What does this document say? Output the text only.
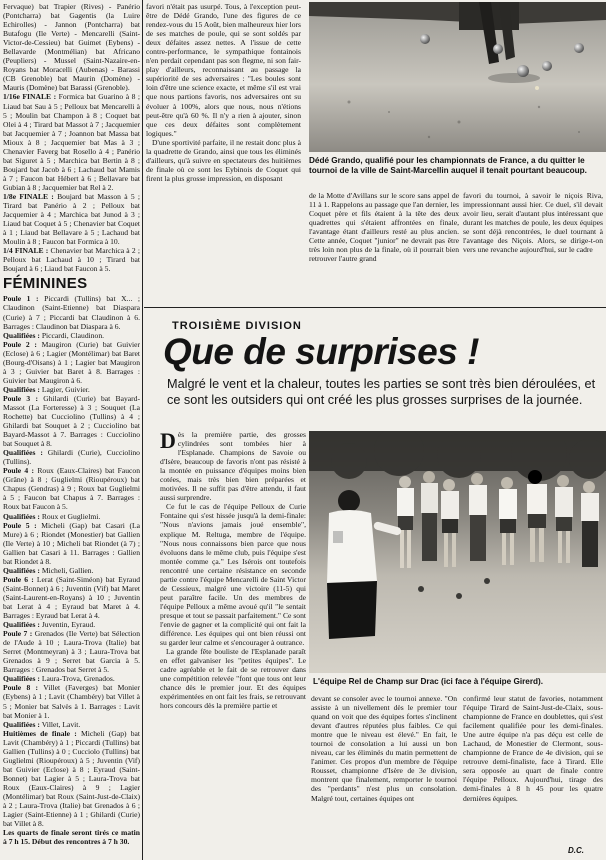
Fervaque) bat Trapier (Rives) - Panério (Pontcharra) bat Gagentis (la Luire Echirolles) - Jannon (Pontcharra) bat Butafogu (Ile Verte) - Mencarelli (Saint-Victor-de-Cessieu) bat Guimet (Eybens) - Bellavarde (Montmélian) bat Africano (Peupliers) - Mussel (Saint-Nazaire-en-Royans bat Moracelli (Aubenas) - Barassi (CB Grenoble) bat Maurin (Domène) - Mauris (Domène) bat Barassi (Grenoble).

1/16e FINALE : Formica bat Guarino à 8 ; Liaud bat Sau à 5 ; Pelloux bat Mencarelli à 5 ; Moulin bat Champon à 8 ; Coquet bat Olei à 4 ; Tirard bat Massot à 7 ; Jacquemier bat Jacquemier à 7 ; Joannon bat Massa bat Mioux à 8 ; Jacquemier bat Mas à 3 ; Chenavier Faverg bat Rosello à 4 ; Panério bat Siguret à 5 ; Marchica bat Bertin à 8 ; Boujard bat Jacob à 6 ; Lachaud bat Mamis à 7 ; Faucon bat Hébert à 6 ; Bellavare bat Gubian à 8 ; Jacquemier bat Rel à 2.

1/8e FINALE : Boujard bat Masson à 5 ; Tirard bat Panério à 2 ; Pelloux bat Jacquemier à 4 ; Marchica bat Junod à 3 ; Liaud bat Coquet à 5 ; Chenavier bat Coquet à 1 ; Liaud bat Bellavare à 5 ; Lachaud bat Moulin à 8 ; Faucon bat Formica à 10.

1/4 FINALE : Chenavier bat Marchica à 2 ; Pelloux bat Lachaud à 10 ; Tirard bat Boujard à 6 ; Liaud bat Faucon à 5.

FÉMININES

Poule 1 : Piccardi (Tullins) bat X... ; Claudinon (Saint-Etienne) bat Diaspara (Curie) à 7 ; Piccardi bat Claudinon à 6. Barrages : Claudinon bat Diaspara à 6.

Qualifiées : Piccardi, Claudinon.

Poule 2 : Maugiron (Curie) bat Guivier (Eclose) à 6 ; Lagier (Montélimar) bat Baret (Bourg-d'Oisans) à 1 ; Lagier bat Maugiron à 3 ; Guivier bat Baret à 8. Barrages : Guivier bat Maugiron à 6.

Qualifiées : Lagier, Guivier.

Poule 3 : Ghilardi (Curie) bat Bayard-Massot (La Forteresse) à 3 ; Souquet (La Rochette) bat Cucciolino (Tullins) à 4 ; Ghilardi bat Souquet à 2 ; Cucciolino bat Bayard-Massot à 7. Barrages : Cucciolino bat Souquet à 8.

Qualifiées : Ghilardi (Curie), Cucciolino (Tullins).

Poule 4 : Roux (Eaux-Claires) bat Faucon (Grâne) à 8 ; Guglielmi (Rioupéroux) bat Chapus (Gendras) à 9 ; Roux bat Guglielmi à 5 ; Faucon bat Chapus à 7. Barrages : Roux bat Faucon à 5.

Qualifiées : Roux et Guglielmi.

Poule 5 : Micheli (Gap) bat Casari (La Mure) à 6 ; Riondet (Monestier) bat Gallien (Ile Verte) à 10 ; Micheli bat Riondet (à 7) ; Gallien bat Casari à 11. Barrages : Gallien bat Riondet à 8.

Qualifiées : Micheli, Gallien.

Poule 6 : Lerat (Saint-Siméon) bat Eyraud (Saint-Bonnet) à 6 ; Juventin (Vif) bat Maret (Saint-Laurent-en-Royans) à 10 ; Juventin bat Lerat à 4 ; Eyraud bat Maret à 4. Barrages : Eyraud bat Lerat à 4.

Qualifiées : Juventin, Eyraud.

Poule 7 : Grenados (Ile Verte) bat Sélection de l'Aude à 10 ; Laura-Trova (Italie) bat Serret (Montmeyran) à 3 ; Laura-Trova bat Grenados à 9 ; Serret bat Garcia à 5. Barrages : Grenados bat Serret à 5.

Qualifiées : Laura-Trova, Grenados.

Poule 8 : Villet (Faverges) bat Monier (Eybens) à 1 ; Lavit (Chambéry) bat Villet à 5 ; Monier bat Salvès à 1. Barrages : Lavit bat Monier à 1.

Qualifiées : Villet, Lavit.

Huitièmes de finale : Micheli (Gap) bat Lavit (Chambéry) à 1 ; Piccardi (Tullins) bat Gallien (Tullins) à 0 ; Cucciolo (Tullins) bat Guglielmi (Rioupéroux) à 5 ; Juventin (Vif) bat Guivier (Eclose) à 8 ; Eyraud (Saint-Bonnet) bat Lagier à 5 ; Laura-Trova bat Roux (Eaux-Claires) à 9 ; Lagier (Montélimar) bat Roux (Saint-Just-de-Claix) à 2 ; Laura-Trova (Italie) bat Grenados à 6 ; Lagier (Saint-Etienne) à 1 ; Ghilardi (Curie) bat Villet à 8.

Les quarts de finale seront tirés ce matin à 7 h 15. Début des rencontres à 7 h 30.

favori n'était pas usurpé. Tous, à l'exception peut-être de Dédé Grando, l'une des figures de ce rendez-vous du 15 Août, bien malheureux hier lors de ses matches de poule, qui se sont soldés par deux défaites assez nettes. A l'issue de cette contre-performance, le sympathique fontainois n'en perdait cependant pas son flegme, ni son fair-play d'ailleurs, reconnaissant au passage la supériorité de ses adversaires : "Les boules sont loin d'être une science exacte, et même s'il est vrai que nous partions favoris, nos adversaires ont su évoluer à 100%, alors que nous, nous n'étions peut-être qu'à 60 %. Il n'y a rien à ajouter, sinon que ces deux défaites sont complètement logiques."

D'une sportivité parfaite, il ne restait donc plus à la quadrette de Grando, ainsi que tous les éliminés d'ailleurs, qu'à suivre en spectateurs des huitièmes de finale où ce sont les Eybinois de Coquet qui firent la plus grosse impression, en disposant

Dédé Grando, qualifié pour les championnats de France, a du quitter le tournoi de la ville de Saint-Marcellin auquel il tenait pourtant beaucoup.

de la Motte d'Avillans sur le score sans appel de 11 à 1. Rappelons au passage que l'an dernier, les Coquet père et fils étaient à la tête des deux quadrettes qui s'étaient affrontées en finale, l'avantage étant d'ailleurs resté au plus ancien. Cette année, Coquet "junior" ne devrait pas être très loin non plus de la finale, où il pourrait bien retrouver l'autre grand

favori du tournoi, à savoir le niçois Riva, impressionnant aussi hier. Ce duel, s'il devait avoir lieu, serait d'autant plus intéressant que durant les matches de poule, les deux équipes se sont déjà rencontrées, le duel tournant à l'avantage des Niçois. Alors, se dirige-t-on vers une revanche aujourd'hui, sur le cadre

TROISIÈME DIVISION
Que de surprises !
Malgré le vent et la chaleur, toutes les parties se sont très bien déroulées, et ce sont les outsiders qui ont créé les plus grosses surprises de la journée.
D ès la première partie, des grosses cylindrées sont tombées hier à l'Esplanade. Champions de Savoie ou d'Isère, beaucoup de favoris n'ont pas résisté à la montée en puissance d'équipes moins bien cotées, mais très bien bien préparées et motivées. Il ne suffit pas d'être attendu, il faut aussi surprendre.

Ce fut le cas de l'équipe Pelloux de Curie Fontaine qui s'est hissée jusqu'à la demi-finale: "Nous n'avions jamais joué ensemble", explique M. Reltuga, membre de l'équipe. "Nous nous connaissons bien parce que nous évoluons dans le même club, puis l'équipe s'est montée comme ça." Les Isérois ont toutefois rencontré une certaine résistance en seconde partie contre l'équipe Mencarelli de Saint Victor de Cessieux, malgré une victoire (11-5) qui peut paraître facile. Un des membres de l'équipe Pelloux a même avoué qu'il "le sentait presque et tout se passait parfaitement." Ce sont l'envie de gagner et la complicité qui ont fait la différence. Les équipes qui ont bien réussi ont su garder leur calme et s'encourager à outrance.

La grande fête bouliste de l'Esplanade paraît en effet galvaniser les "petites équipes". Le cadre agréable et le fait de se retrouver dans une compétition relevée "font que tous ont leur chance dès le premier jour. Et des équipes expérimentées en ont fait les frais, se retrouvant hors concours dès la première partie et

L'équipe Rel de Champ sur Drac (ici face à l'équipe Girerd).

devant se consoler avec le tournoi annexe. "On assiste à un nivellement dès le premier tour quand on voit que des équipes fortes s'inclinent devant d'autres réputées plus faibles. Ce qui montre que le niveau est élevé." En fait, le tournoi de consolation a lui aussi un bon niveau, car les éliminés du matin permettent de l'animer. Ces propos d'un membre de l'équipe Rousset, championne d'Isère de 3e division, montrent que finalement, remporter le tournoi des "perdants" n'est plus un consolation. Malgré tout, certaines équipes ont

confirmé leur statut de favories, notamment l'équipe Tirard de Saint-Just-de-Claix, sous-championne de France en doublettes, qui s'est facilement qualifiée pour les demi-finales. Une autre équipe n'a pas déçu est celle de Lachaud, de Monestier de Clermont, sous-championne de France de 4e division, qui se retrouve demi-finaliste, face à Tirard. Elle sera opposée au quart de finale contre l'équipe Pelloux. Aujourd'hui, tirage des demi-finales à 8 h 45 pour les quatre dernières équipes.

D.C.
